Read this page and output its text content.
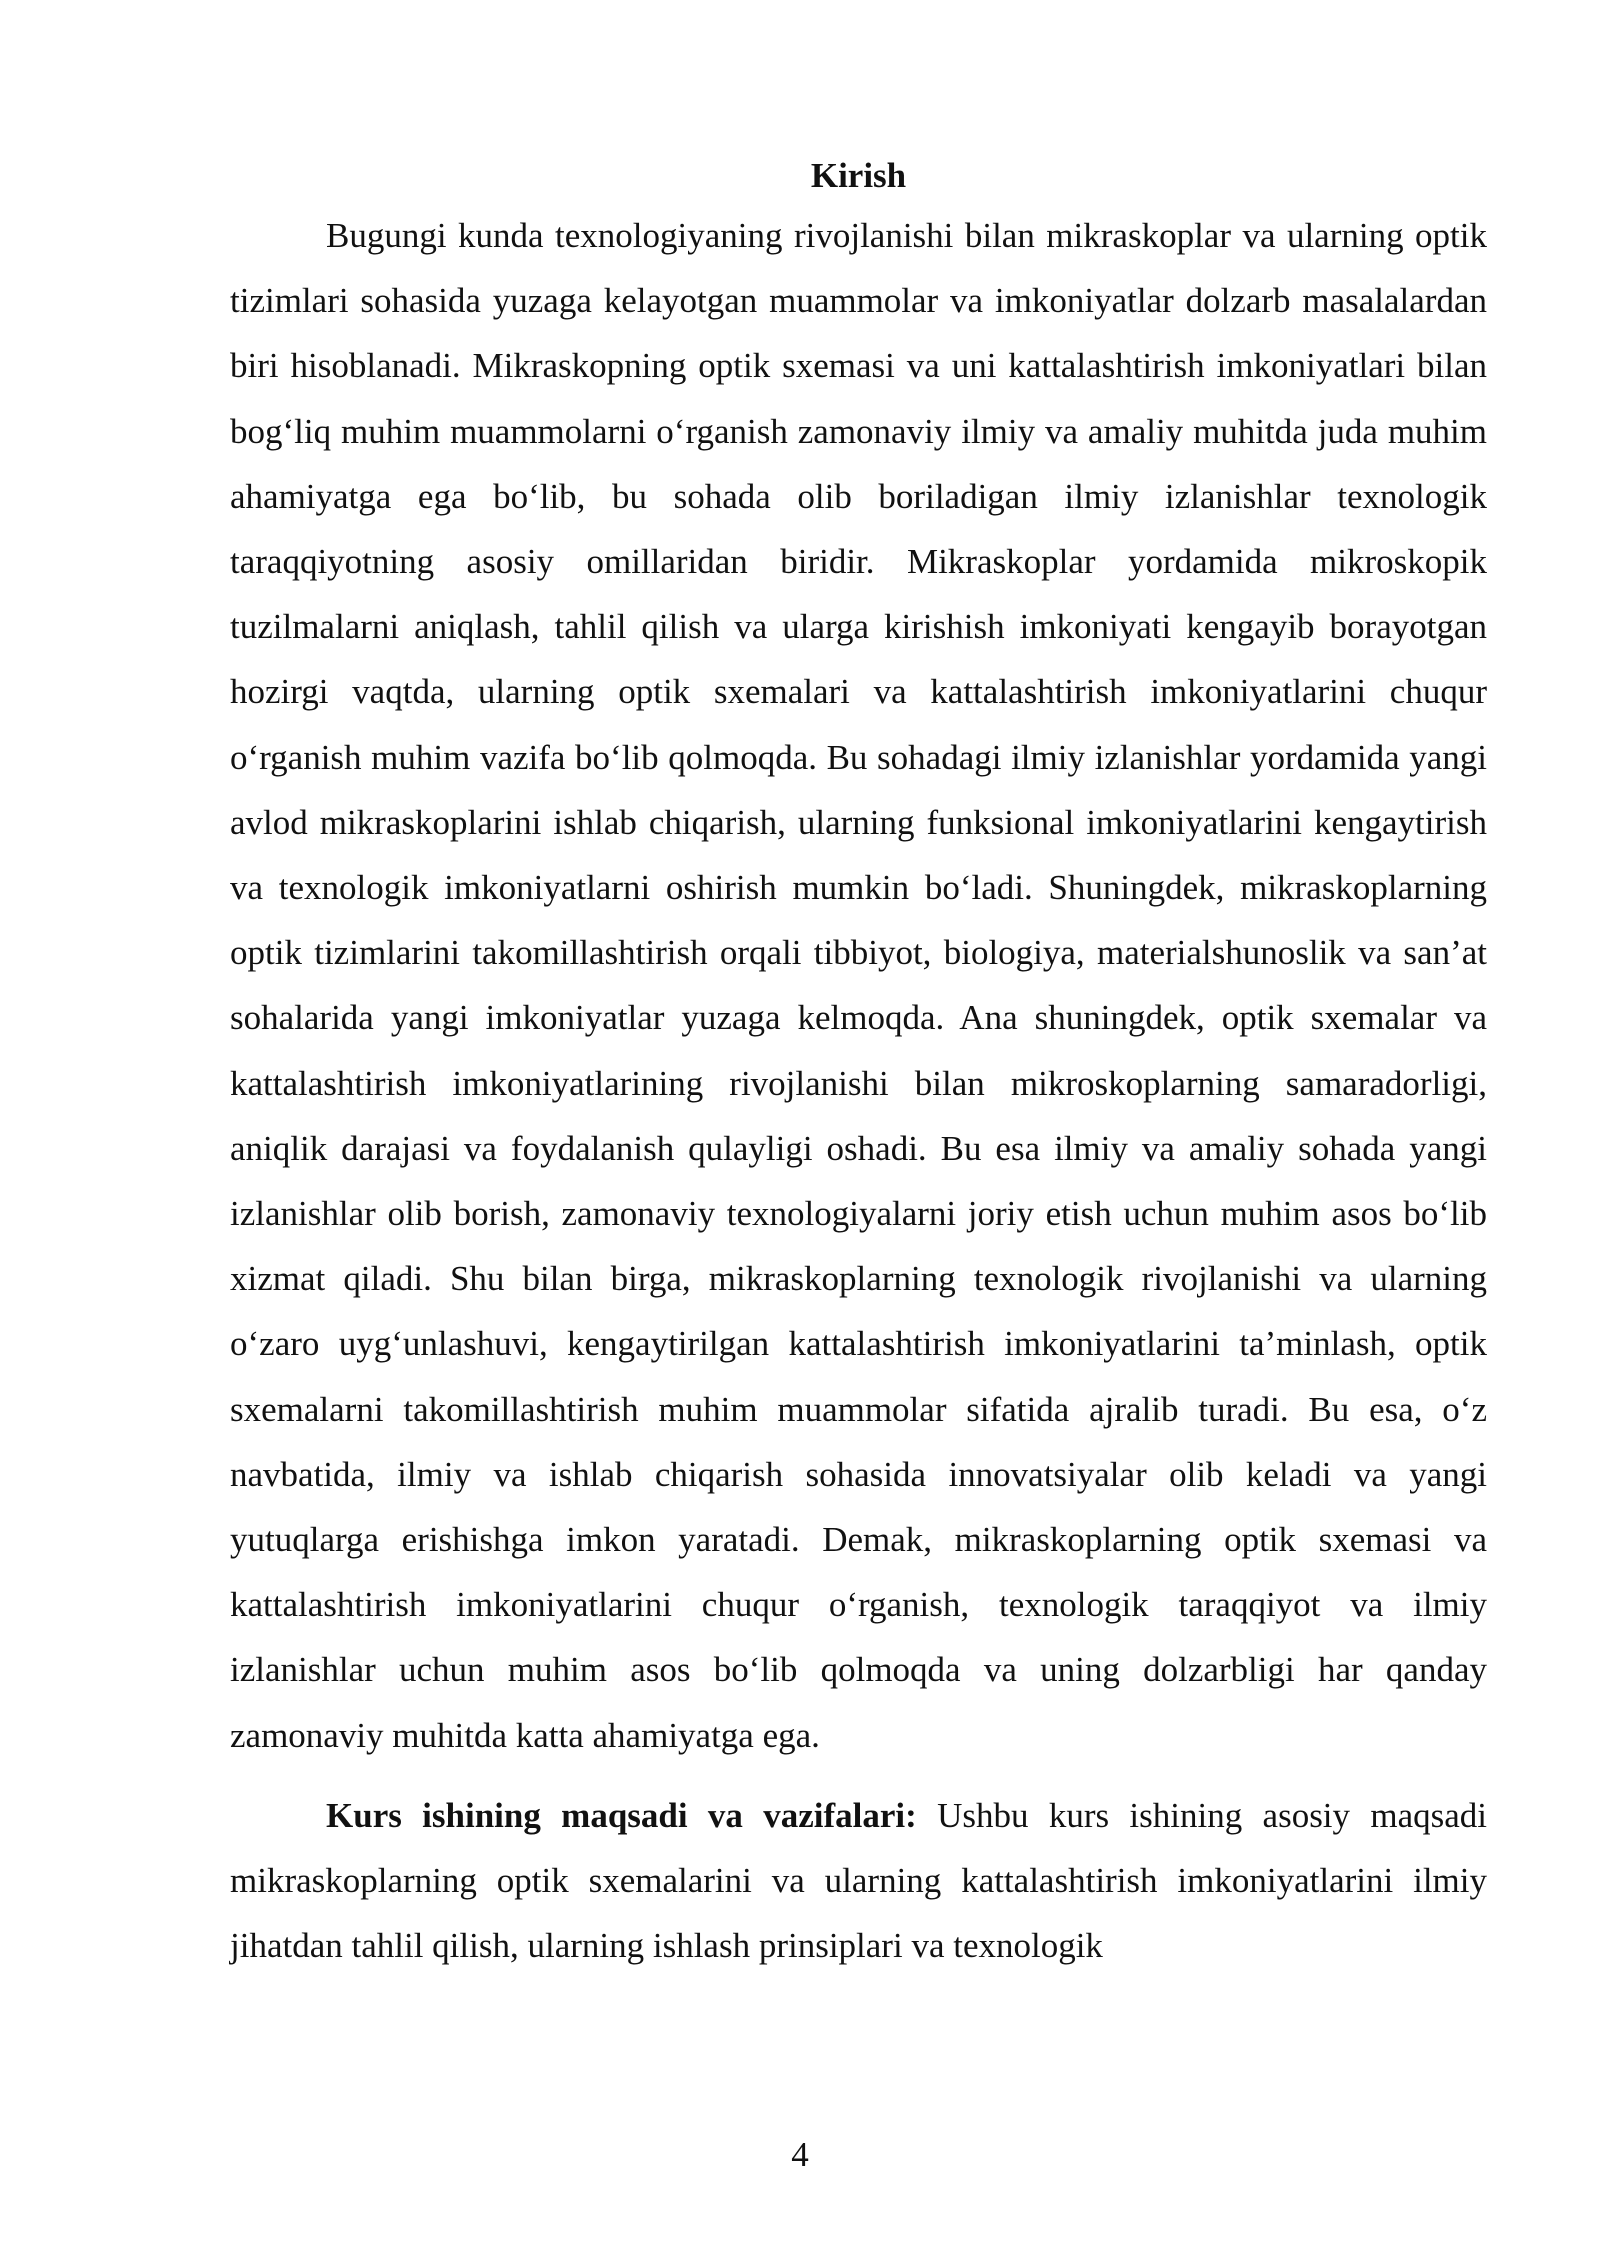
Kirish

Bugungi kunda texnologiyaning rivojlanishi bilan mikraskoplar va ularning optik tizimlari sohasida yuzaga kelayotgan muammolar va imkoniyatlar dolzarb masalalardan biri hisoblanadi. Mikraskopning optik sxemasi va uni kattalashtirish imkoniyatlari bilan bog‘liq muhim muammolarni o‘rganish zamonaviy ilmiy va amaliy muhitda juda muhim ahamiyatga ega bo‘lib, bu sohada olib boriladigan ilmiy izlanishlar texnologik taraqqiyotning asosiy omillaridan biridir. Mikraskoplar yordamida mikroskopik tuzilmalarni aniqlash, tahlil qilish va ularga kirishish imkoniyati kengayib borayotgan hozirgi vaqtda, ularning optik sxemalari va kattalashtirish imkoniyatlarini chuqur o‘rganish muhim vazifa bo‘lib qolmoqda. Bu sohadagi ilmiy izlanishlar yordamida yangi avlod mikraskoplarini ishlab chiqarish, ularning funksional imkoniyatlarini kengaytirish va texnologik imkoniyatlarni oshirish mumkin bo‘ladi. Shuningdek, mikraskoplarning optik tizimlarini takomillashtirish orqali tibbiyot, biologiya, materialshunoslik va san’at sohalarida yangi imkoniyatlar yuzaga kelmoqda. Ana shuningdek, optik sxemalar va kattalashtirish imkoniyatlarining rivojlanishi bilan mikroskoplarning samaradorligi, aniqlik darajasi va foydalanish qulayligi oshadi. Bu esa ilmiy va amaliy sohada yangi izlanishlar olib borish, zamonaviy texnologiyalarni joriy etish uchun muhim asos bo‘lib xizmat qiladi. Shu bilan birga, mikraskoplarning texnologik rivojlanishi va ularning o‘zaro uyg‘unlashuvi, kengaytirilgan kattalashtirish imkoniyatlarini ta’minlash, optik sxemalarni takomillashtirish muhim muammolar sifatida ajralib turadi. Bu esa, o‘z navbatida, ilmiy va ishlab chiqarish sohasida innovatsiyalar olib keladi va yangi yutuqlarga erishishga imkon yaratadi. Demak, mikraskoplarning optik sxemasi va kattalashtirish imkoniyatlarini chuqur o‘rganish, texnologik taraqqiyot va ilmiy izlanishlar uchun muhim asos bo‘lib qolmoqda va uning dolzarbligi har qanday zamonaviy muhitda katta ahamiyatga ega.

Kurs ishining maqsadi va vazifalari: Ushbu kurs ishining asosiy maqsadi mikraskoplarning optik sxemalarini va ularning kattalashtirish imkoniyatlarini ilmiy jihatdan tahlil qilish, ularning ishlash prinsiplari va texnologik

4
